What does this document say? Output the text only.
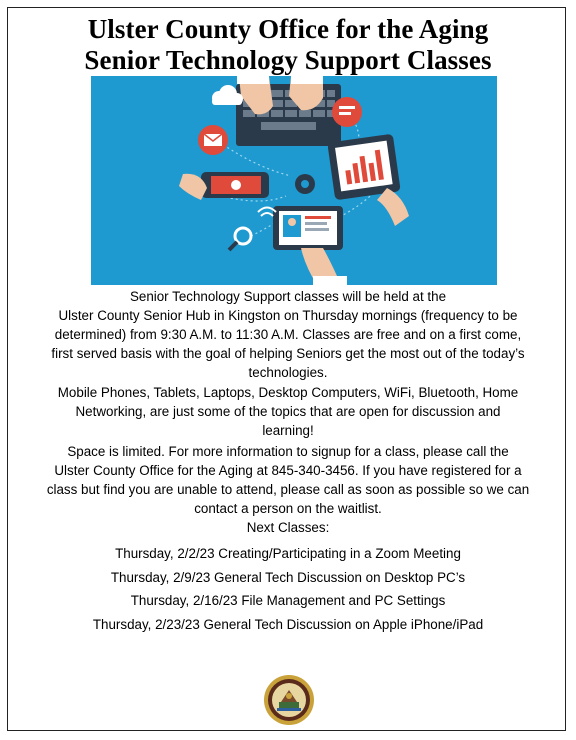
Ulster County Office for the Aging
Senior Technology Support Classes
Senior Technology Support classes will be held at the
Ulster County Senior Hub in Kingston on Thursday mornings (frequency to be
determined) from 9:30 A.M. to 11:30 A.M. Classes are free and on a first come,
first served basis with the goal of helping Seniors get the most out of the today’s
technologies.
Mobile Phones, Tablets, Laptops, Desktop Computers, WiFi, Bluetooth, Home
Networking, are just some of the topics that are open for discussion and
learning!
Space is limited. For more information to signup for a class, please call the
Ulster County Office for the Aging at 845-340-3456. If you have registered for a
class but find you are unable to attend, please call as soon as possible so we can
contact a person on the waitlist.
Next Classes:
Thursday, 2/2/23 Creating/Participating in a Zoom Meeting
Thursday, 2/9/23 General Tech Discussion on Desktop PC’s
Thursday, 2/16/23 File Management and PC Settings
Thursday, 2/23/23 General Tech Discussion on Apple iPhone/iPad
